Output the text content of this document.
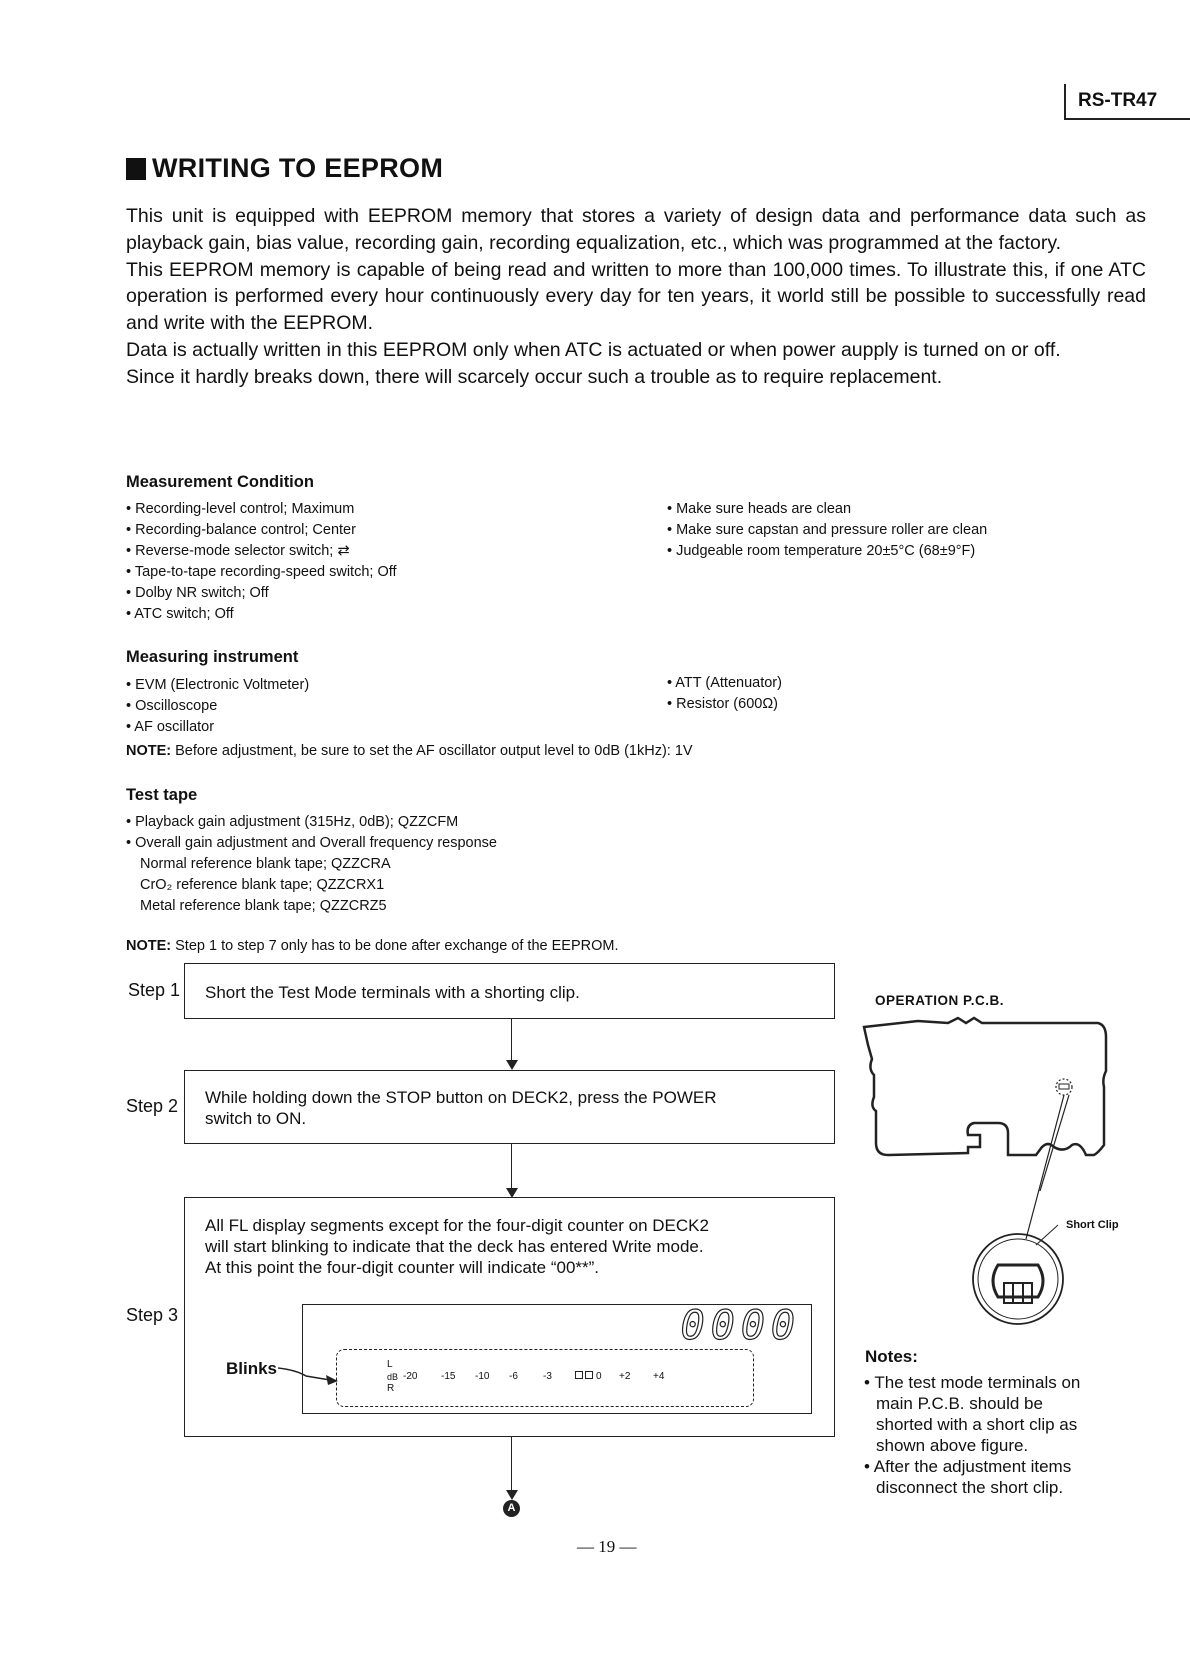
RS-TR47
WRITING TO EEPROM

This unit is equipped with EEPROM memory that stores a variety of design data and performance data such as playback gain, bias value, recording gain, recording equalization, etc., which was programmed at the factory.

This EEPROM memory is capable of being read and written to more than 100,000 times. To illustrate this, if one ATC operation is performed every hour continuously every day for ten years, it world still be possible to successfully read and write with the EEPROM.

Data is actually written in this EEPROM only when ATC is actuated or when power aupply is turned on or off.

Since it hardly breaks down, there will scarcely occur such a trouble as to require replacement.

Measurement Condition
• Recording-level control; Maximum
• Recording-balance control; Center
• Reverse-mode selector switch; ⇄
• Tape-to-tape recording-speed switch; Off
• Dolby NR switch; Off
• ATC switch; Off
• Make sure heads are clean
• Make sure capstan and pressure roller are clean
• Judgeable room temperature 20±5°C (68±9°F)
Measuring instrument
• EVM (Electronic Voltmeter)
• Oscilloscope
• AF oscillator
• ATT (Attenuator)
• Resistor (600Ω)
NOTE: Before adjustment, be sure to set the AF oscillator output level to 0dB (1kHz): 1V
Test tape
• Playback gain adjustment (315Hz, 0dB); QZZCFM
• Overall gain adjustment and Overall frequency response
Normal reference blank tape; QZZCRA
CrO₂ reference blank tape; QZZCRX1
Metal reference blank tape; QZZCRZ5
NOTE: Step 1 to step 7 only has to be done after exchange of the EEPROM.
Step 1	Short the Test Mode terminals with a shorting clip.
Step 2 While holding down the STOP button on DECK2, press the POWER
switch to ON.
Step 3
All FL display segments except for the four-digit counter on DECK2
will start blinking to indicate that the deck has entered Write mode.
At this point the four-digit counter will indicate “00**”.
0000
L
dB
R
-20 -15 -10 -6	-3	0 +2 +4
Blinks
A
OPERATION P.C.B.
Short Clip
Notes:
• The test mode terminals on main P.C.B. should be shorted with a short clip as shown above figure.
• After the adjustment items disconnect the short clip.
— 19 —
